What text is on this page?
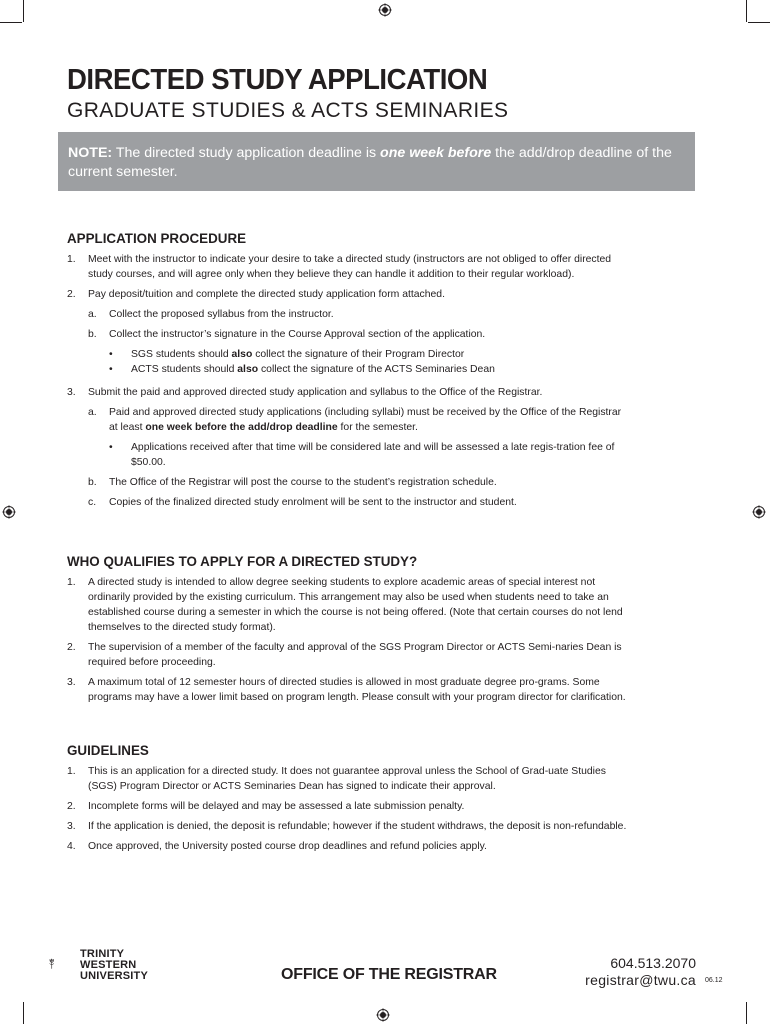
DIRECTED STUDY APPLICATION
GRADUATE STUDIES & ACTS SEMINARIES
NOTE: The directed study application deadline is one week before the add/drop deadline of the current semester.
APPLICATION PROCEDURE
1. Meet with the instructor to indicate your desire to take a directed study (instructors are not obliged to offer directed study courses, and will agree only when they believe they can handle it addition to their regular workload).
2. Pay deposit/tuition and complete the directed study application form attached.
a. Collect the proposed syllabus from the instructor.
b. Collect the instructor’s signature in the Course Approval section of the application.
• SGS students should also collect the signature of their Program Director
• ACTS students should also collect the signature of the ACTS Seminaries Dean
3. Submit the paid and approved directed study application and syllabus to the Office of the Registrar.
a. Paid and approved directed study applications (including syllabi) must be received by the Office of the Registrar at least one week before the add/drop deadline for the semester.
• Applications received after that time will be considered late and will be assessed a late regis-tration fee of $50.00.
b. The Office of the Registrar will post the course to the student’s registration schedule.
c. Copies of the finalized directed study enrolment will be sent to the instructor and student.
WHO QUALIFIES TO APPLY FOR A DIRECTED STUDY?
1. A directed study is intended to allow degree seeking students to explore academic areas of special interest not ordinarily provided by the existing curriculum. This arrangement may also be used when students need to take an established course during a semester in which the course is not being offered. (Note that certain courses do not lend themselves to the directed study format).
2. The supervision of a member of the faculty and approval of the SGS Program Director or ACTS Semi-naries Dean is required before proceeding.
3. A maximum total of 12 semester hours of directed studies is allowed in most graduate degree pro-grams. Some programs may have a lower limit based on program length. Please consult with your program director for clarification.
GUIDELINES
1. This is an application for a directed study. It does not guarantee approval unless the School of Grad-uate Studies (SGS) Program Director or ACTS Seminaries Dean has signed to indicate their approval.
2. Incomplete forms will be delayed and may be assessed a late submission penalty.
3. If the application is denied, the deposit is refundable; however if the student withdraws, the deposit is non-refundable.
4. Once approved, the University posted course drop deadlines and refund policies apply.
TRINITY
WESTERN
UNIVERSITY	OFFICE OF THE REGISTRAR
604.513.2070
registrar@twu.ca 06.12
